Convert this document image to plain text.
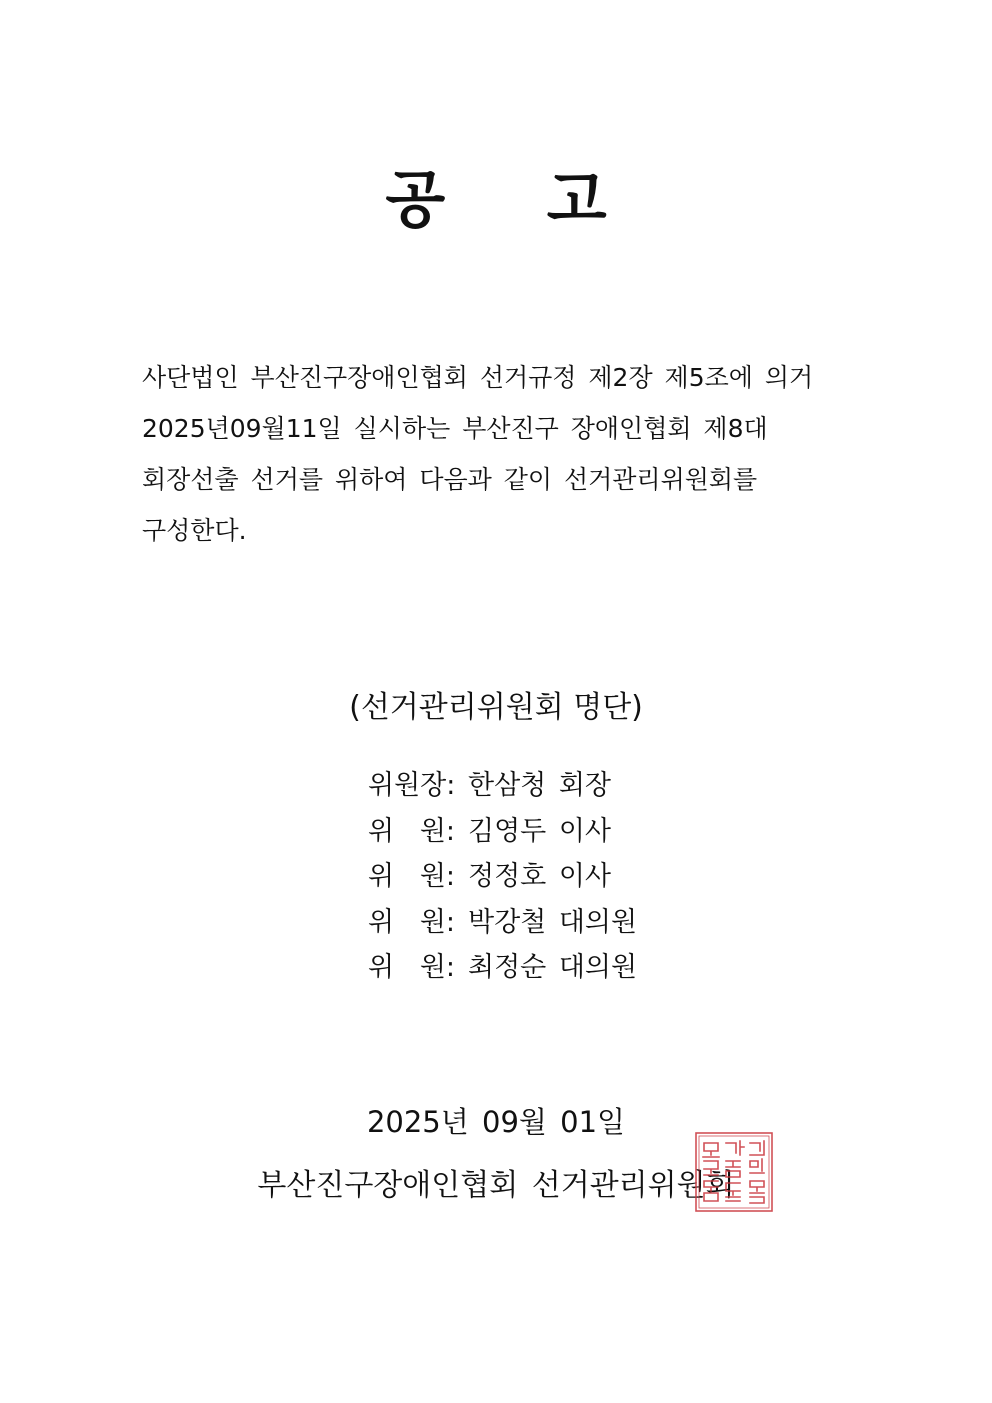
공 고
사단법인 부산진구장애인협회 선거규정 제2장 제5조에 의거
2025년09월11일 실시하는 부산진구 장애인협회 제8대
회장선출 선거를 위하여 다음과 같이 선거관리위원회를
구성한다.
(선거관리위원회 명단)
위원장: 한삼청 회장
위   원: 김영두 이사
위   원: 정정호 이사
위   원: 박강철 대의원
위   원: 최정순 대의원
2025년 09월 01일
부산진구장애인협회 선거관리위원회
